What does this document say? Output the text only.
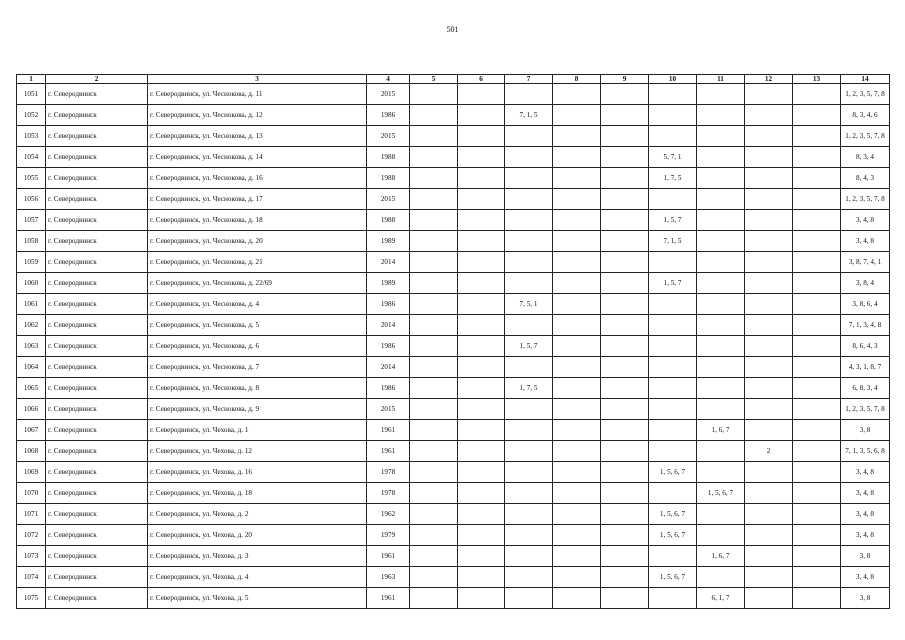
501
1	2	3	4	5	6	7	8	9	10	11	12	13	14
1051	г. Северодвинск	г. Северодвинск, ул. Чеснокова, д. 11	2015										1, 2, 3, 5, 7, 8
1052	г. Северодвинск	г. Северодвинск, ул. Чеснокова, д. 12	1986			7, 1, 5							8, 3, 4, 6
1053	г. Северодвинск	г. Северодвинск, ул. Чеснокова, д. 13	2015										1, 2, 3, 5, 7, 8
1054	г. Северодвинск	г. Северодвинск, ул. Чеснокова, д. 14	1988						5, 7, 1				8, 3, 4
1055	г. Северодвинск	г. Северодвинск, ул. Чеснокова, д. 16	1988						1, 7, 5				8, 4, 3
1056	г. Северодвинск	г. Северодвинск, ул. Чеснокова, д. 17	2015										1, 2, 3, 5, 7, 8
1057	г. Северодвинск	г. Северодвинск, ул. Чеснокова, д. 18	1988						1, 5, 7				3, 4, 8
1058	г. Северодвинск	г. Северодвинск, ул. Чеснокова, д. 20	1989						7, 1, 5				3, 4, 8
1059	г. Северодвинск	г. Северодвинск, ул. Чеснокова, д. 21	2014										3, 8, 7, 4, 1
1060	г. Северодвинск	г. Северодвинск, ул. Чеснокова, д. 22/69	1989						1, 5, 7				3, 8, 4
1061	г. Северодвинск	г. Северодвинск, ул. Чеснокова, д. 4	1986			7, 5, 1							3, 8, 6, 4
1062	г. Северодвинск	г. Северодвинск, ул. Чеснокова, д. 5	2014										7, 1, 3, 4, 8
1063	г. Северодвинск	г. Северодвинск, ул. Чеснокова, д. 6	1986			1, 5, 7							8, 6, 4, 3
1064	г. Северодвинск	г. Северодвинск, ул. Чеснокова, д. 7	2014										4, 3, 1, 8, 7
1065	г. Северодвинск	г. Северодвинск, ул. Чеснокова, д. 8	1986			1, 7, 5							6, 8, 3, 4
1066	г. Северодвинск	г. Северодвинск, ул. Чеснокова, д. 9	2015										1, 2, 3, 5, 7, 8
1067	г. Северодвинск	г. Северодвинск, ул. Чехова, д. 1	1961							1, 6, 7			3, 8
1068	г. Северодвинск	г. Северодвинск, ул. Чехова, д. 12	1961								2		7, 1, 3, 5, 6, 8
1069	г. Северодвинск	г. Северодвинск, ул. Чехова, д. 16	1978						1, 5, 6, 7				3, 4, 8
1070	г. Северодвинск	г. Северодвинск, ул. Чехова, д. 18	1978							1, 5, 6, 7			3, 4, 8
1071	г. Северодвинск	г. Северодвинск, ул. Чехова, д. 2	1962						1, 5, 6, 7				3, 4, 8
1072	г. Северодвинск	г. Северодвинск, ул. Чехова, д. 20	1979						1, 5, 6, 7				3, 4, 8
1073	г. Северодвинск	г. Северодвинск, ул. Чехова, д. 3	1961							1, 6, 7			3, 8
1074	г. Северодвинск	г. Северодвинск, ул. Чехова, д. 4	1963						1, 5, 6, 7				3, 4, 8
1075	г. Северодвинск	г. Северодвинск, ул. Чехова, д. 5	1961							6, 1, 7			3, 8
